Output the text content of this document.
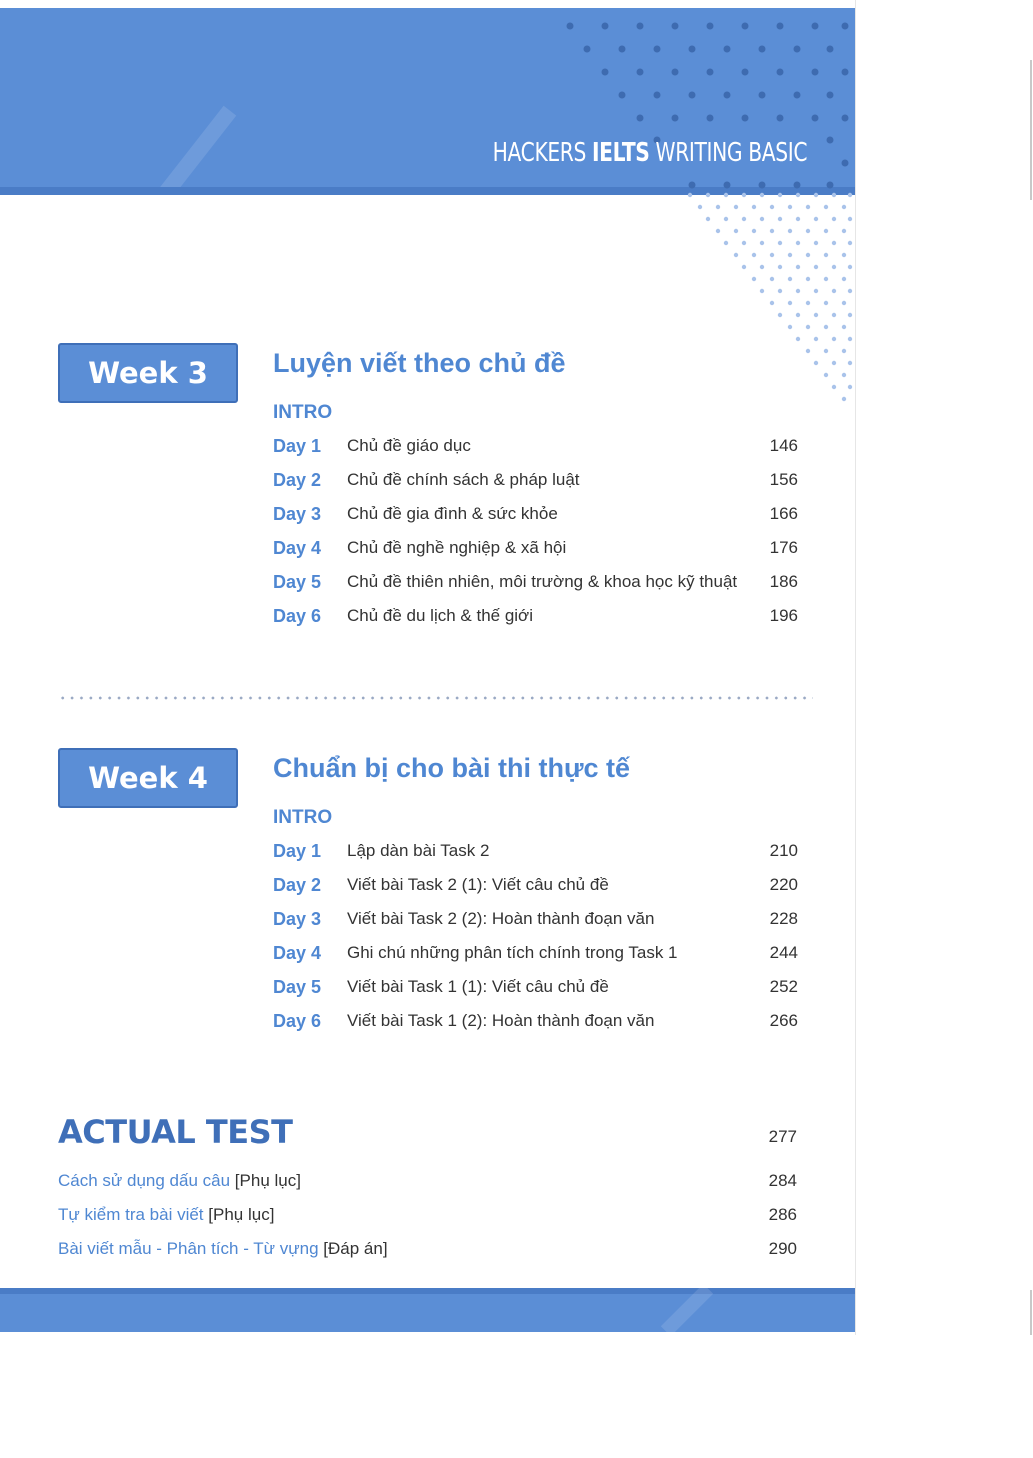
HACKERS IELTS WRITING BASIC
Week 3	Luyện viết theo chủ đề
INTRO
Day 1 Chủ đề giáo dục	146
Day 2 Chủ đề chính sách & pháp luật	156
Day 3 Chủ đề gia đình & sức khỏe	166
Day 4 Chủ đề nghề nghiệp & xã hội	176
Day 5 Chủ đề thiên nhiên, môi trường & khoa học kỹ thuật 186
Day 6 Chủ đề du lịch & thế giới	196
Week 4	Chuẩn bị cho bài thi thực tế
INTRO
Day 1 Lập dàn bài Task 2	210
Day 2 Viết bài Task 2 (1): Viết câu chủ đề	220
Day 3 Viết bài Task 2 (2): Hoàn thành đoạn văn	228
Day 4 Ghi chú những phân tích chính trong Task 1	244
Day 5 Viết bài Task 1 (1): Viết câu chủ đề	252
Day 6 Viết bài Task 1 (2): Hoàn thành đoạn văn	266
ACTUAL TEST	277
Cách sử dụng dấu câu [Phụ lục]	284
Tự kiểm tra bài viết [Phụ lục]	286
Bài viết mẫu - Phân tích - Từ vựng [Đáp án]	290
